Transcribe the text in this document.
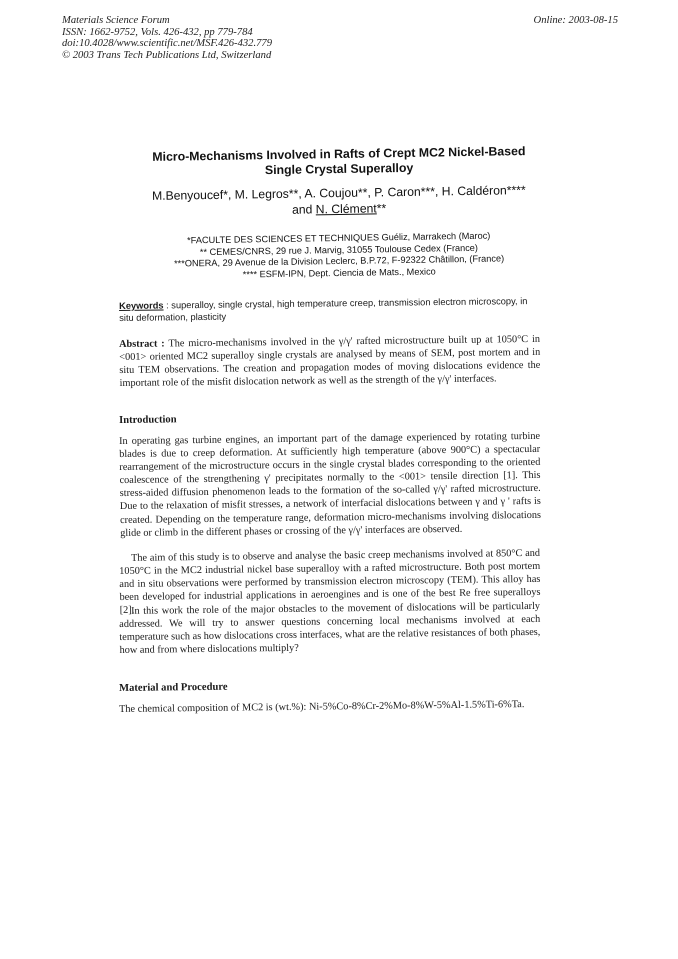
Materials Science Forum
ISSN: 1662-9752, Vols. 426-432, pp 779-784
doi:10.4028/www.scientific.net/MSF.426-432.779
© 2003 Trans Tech Publications Ltd, Switzerland
Online: 2003-08-15
Micro-Mechanisms Involved in Rafts of Crept MC2 Nickel-Based
Single Crystal Superalloy
M.Benyoucef*, M. Legros**, A. Coujou**, P. Caron***, H. Caldéron****
and N. Clément**
*FACULTE DES SCIENCES ET TECHNIQUES Guéliz, Marrakech (Maroc)
** CEMES/CNRS, 29 rue J. Marvig, 31055 Toulouse Cedex (France)
***ONERA, 29 Avenue de la Division Leclerc, B.P.72, F-92322 Châtillon, (France)
**** ESFM-IPN, Dept. Ciencia de Mats., Mexico
Keywords : superalloy, single crystal, high temperature creep, transmission electron microscopy, in situ deformation, plasticity
Abstract : The micro-mechanisms involved in the γ/γ' rafted microstructure built up at 1050°C in <001> oriented MC2 superalloy single crystals are analysed by means of SEM, post mortem and in situ TEM observations. The creation and propagation modes of moving dislocations evidence the important role of the misfit dislocation network as well as the strength of the γ/γ' interfaces.
Introduction
In operating gas turbine engines, an important part of the damage experienced by rotating turbine blades is due to creep deformation. At sufficiently high temperature (above 900°C) a spectacular rearrangement of the microstructure occurs in the single crystal blades corresponding to the oriented coalescence of the strengthening γ' precipitates normally to the <001> tensile direction [1]. This stress-aided diffusion phenomenon leads to the formation of the so-called γ/γ' rafted microstructure. Due to the relaxation of misfit stresses, a network of interfacial dislocations between γ and γ ' rafts is created. Depending on the temperature range, deformation micro-mechanisms involving dislocations glide or climb in the different phases or crossing of the γ/γ' interfaces are observed.
The aim of this study is to observe and analyse the basic creep mechanisms involved at 850°C and 1050°C in the MC2 industrial nickel base superalloy with a rafted microstructure. Both post mortem and in situ observations were performed by transmission electron microscopy (TEM). This alloy has been developed for industrial applications in aeroengines and is one of the best Re free superalloys [2].
In this work the role of the major obstacles to the movement of dislocations will be particularly addressed. We will try to answer questions concerning local mechanisms involved at each temperature such as how dislocations cross interfaces, what are the relative resistances of both phases, how and from where dislocations multiply?
Material and Procedure
The chemical composition of MC2 is (wt.%): Ni-5%Co-8%Cr-2%Mo-8%W-5%Al-1.5%Ti-6%Ta.
